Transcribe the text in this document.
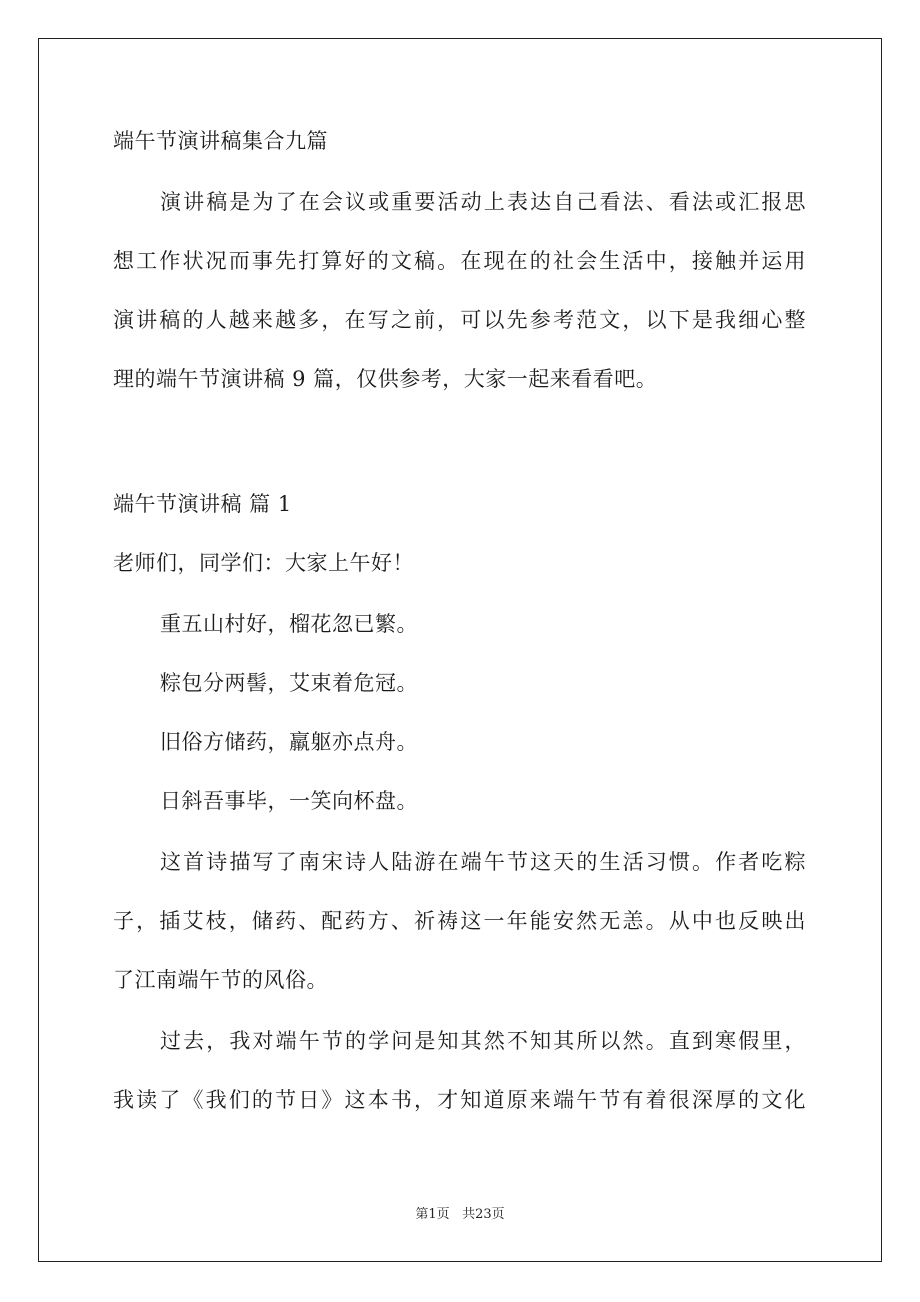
端午节演讲稿集合九篇
演讲稿是为了在会议或重要活动上表达自己看法、看法或汇报思
想工作状况而事先打算好的文稿。在现在的社会生活中，接触并运用
演讲稿的人越来越多，在写之前，可以先参考范文，以下是我细心整
理的端午节演讲稿 9 篇，仅供参考，大家一起来看看吧。
端午节演讲稿 篇 1
老师们，同学们：大家上午好！
重五山村好，榴花忽已繁。
粽包分两髻，艾束着危冠。
旧俗方储药，羸躯亦点舟。
日斜吾事毕，一笑向杯盘。
这首诗描写了南宋诗人陆游在端午节这天的生活习惯。作者吃粽
子，插艾枝，储药、配药方、祈祷这一年能安然无恙。从中也反映出
了江南端午节的风俗。
过去，我对端午节的学问是知其然不知其所以然。直到寒假里，
我读了《我们的节日》这本书，才知道原来端午节有着很深厚的文化
第1页 共23页
